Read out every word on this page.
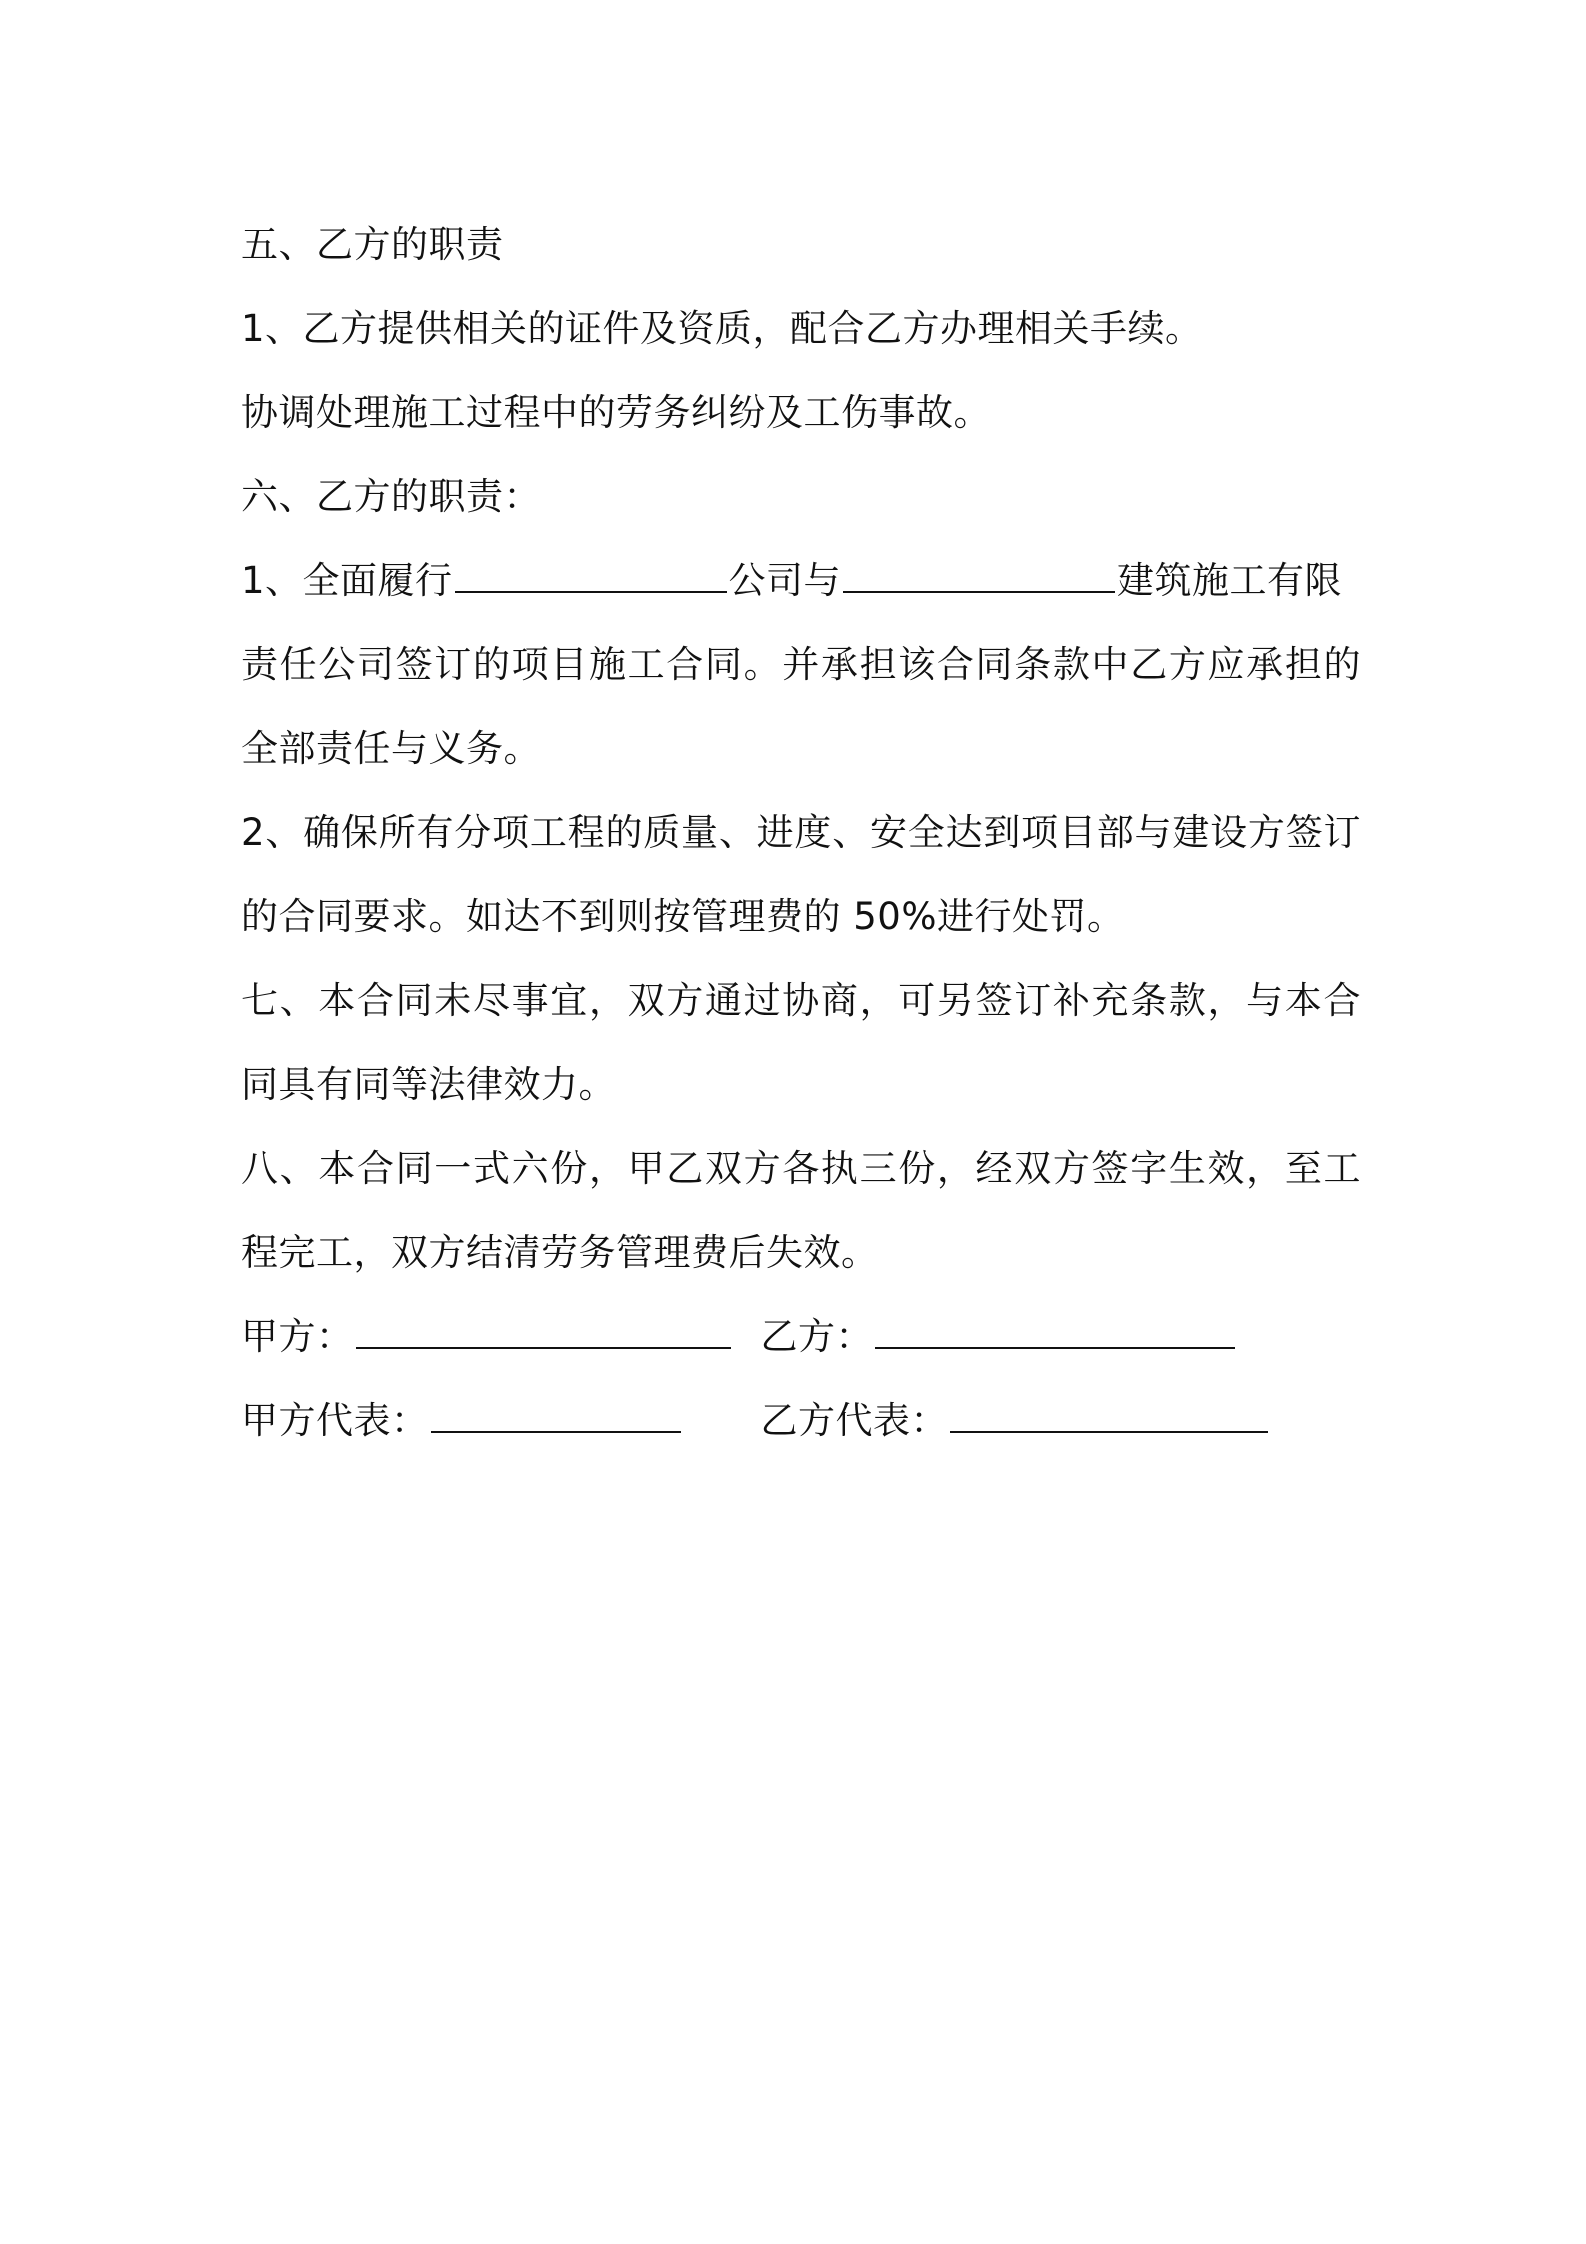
五、乙方的职责

1、乙方提供相关的证件及资质，配合乙方办理相关手续。

协调处理施工过程中的劳务纠纷及工伤事故。

六、乙方的职责：

1、全面履行	公司与	建筑施工有限

责任公司签订的项目施工合同。并承担该合同条款中乙方应承担的全部责任与义务。

2、确保所有分项工程的质量、进度、安全达到项目部与建设方签订的合同要求。如达不到则按管理费的 50%进行处罚。

七、本合同未尽事宜，双方通过协商，可另签订补充条款，与本合同具有同等法律效力。

八、本合同一式六份，甲乙双方各执三份，经双方签字生效，至工程完工，双方结清劳务管理费后失效。

甲方：	乙方：

甲方代表：	乙方代表：
